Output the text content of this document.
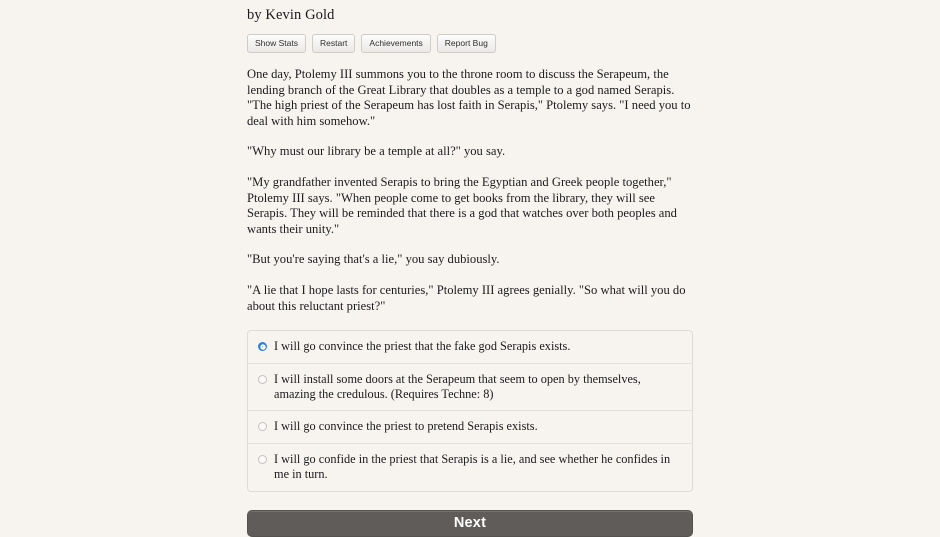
by Kevin Gold
Show Stats	Restart	Achievements	Report Bug

One day, Ptolemy III summons you to the throne room to discuss the Serapeum, the lending branch of the Great Library that doubles as a temple to a god named Serapis. "The high priest of the Serapeum has lost faith in Serapis," Ptolemy says. "I need you to deal with him somehow."

"Why must our library be a temple at all?" you say.

"My grandfather invented Serapis to bring the Egyptian and Greek people together," Ptolemy III says. "When people come to get books from the library, they will see Serapis. They will be reminded that there is a god that watches over both peoples and wants their unity."

"But you're saying that's a lie," you say dubiously.

"A lie that I hope lasts for centuries," Ptolemy III agrees genially. "So what will you do about this reluctant priest?"

I will go convince the priest that the fake god Serapis exists.
I will install some doors at the Serapeum that seem to open by themselves, amazing the credulous. (Requires Techne: 8)
I will go convince the priest to pretend Serapis exists.
I will go confide in the priest that Serapis is a lie, and see whether he confides in me in turn.
Next
